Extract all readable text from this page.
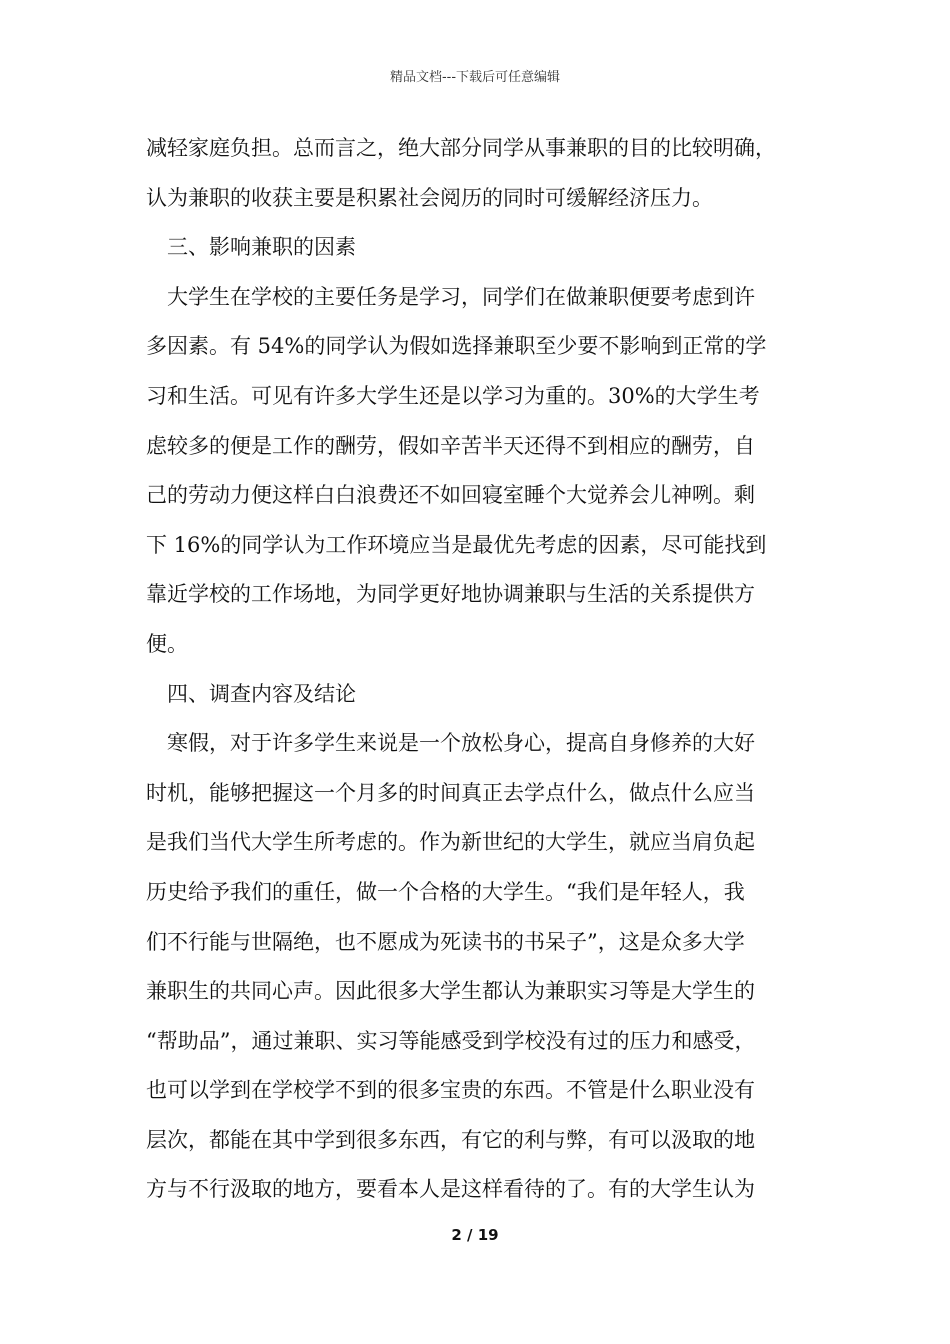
精品文档---下载后可任意编辑
减轻家庭负担。总而言之，绝大部分同学从事兼职的目的比较明确，
认为兼职的收获主要是积累社会阅历的同时可缓解经济压力。
三、影响兼职的因素
大学生在学校的主要任务是学习，同学们在做兼职便要考虑到许
多因素。有 54%的同学认为假如选择兼职至少要不影响到正常的学
习和生活。可见有许多大学生还是以学习为重的。30%的大学生考
虑较多的便是工作的酬劳，假如辛苦半天还得不到相应的酬劳，自
己的劳动力便这样白白浪费还不如回寝室睡个大觉养会儿神咧。剩
下 16%的同学认为工作环境应当是最优先考虑的因素，尽可能找到
靠近学校的工作场地，为同学更好地协调兼职与生活的关系提供方
便。
四、调查内容及结论
寒假，对于许多学生来说是一个放松身心，提高自身修养的大好
时机，能够把握这一个月多的时间真正去学点什么，做点什么应当
是我们当代大学生所考虑的。作为新世纪的大学生，就应当肩负起
历史给予我们的重任，做一个合格的大学生。“我们是年轻人，我
们不行能与世隔绝，也不愿成为死读书的书呆子”，这是众多大学
兼职生的共同心声。因此很多大学生都认为兼职实习等是大学生的
“帮助品”，通过兼职、实习等能感受到学校没有过的压力和感受，
也可以学到在学校学不到的很多宝贵的东西。不管是什么职业没有
层次，都能在其中学到很多东西，有它的利与弊，有可以汲取的地
方与不行汲取的地方，要看本人是这样看待的了。有的大学生认为
2 / 19
